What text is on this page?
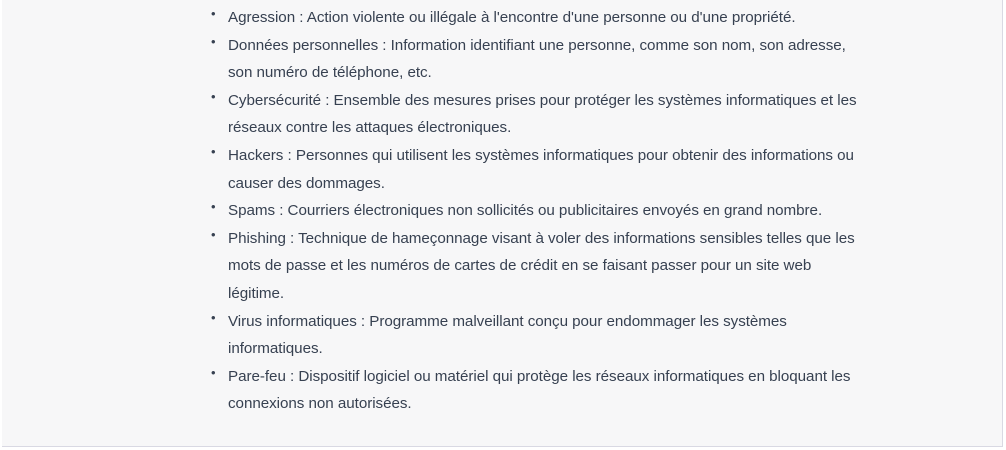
• Agression : Action violente ou illégale à l'encontre d'une personne ou d'une propriété.
• Données personnelles : Information identifiant une personne, comme son nom, son adresse, son numéro de téléphone, etc.
• Cybersécurité : Ensemble des mesures prises pour protéger les systèmes informatiques et les réseaux contre les attaques électroniques.
• Hackers : Personnes qui utilisent les systèmes informatiques pour obtenir des informations ou causer des dommages.
• Spams : Courriers électroniques non sollicités ou publicitaires envoyés en grand nombre.
• Phishing : Technique de hameçonnage visant à voler des informations sensibles telles que les mots de passe et les numéros de cartes de crédit en se faisant passer pour un site web légitime.
• Virus informatiques : Programme malveillant conçu pour endommager les systèmes informatiques.
• Pare-feu : Dispositif logiciel ou matériel qui protège les réseaux informatiques en bloquant les connexions non autorisées.
